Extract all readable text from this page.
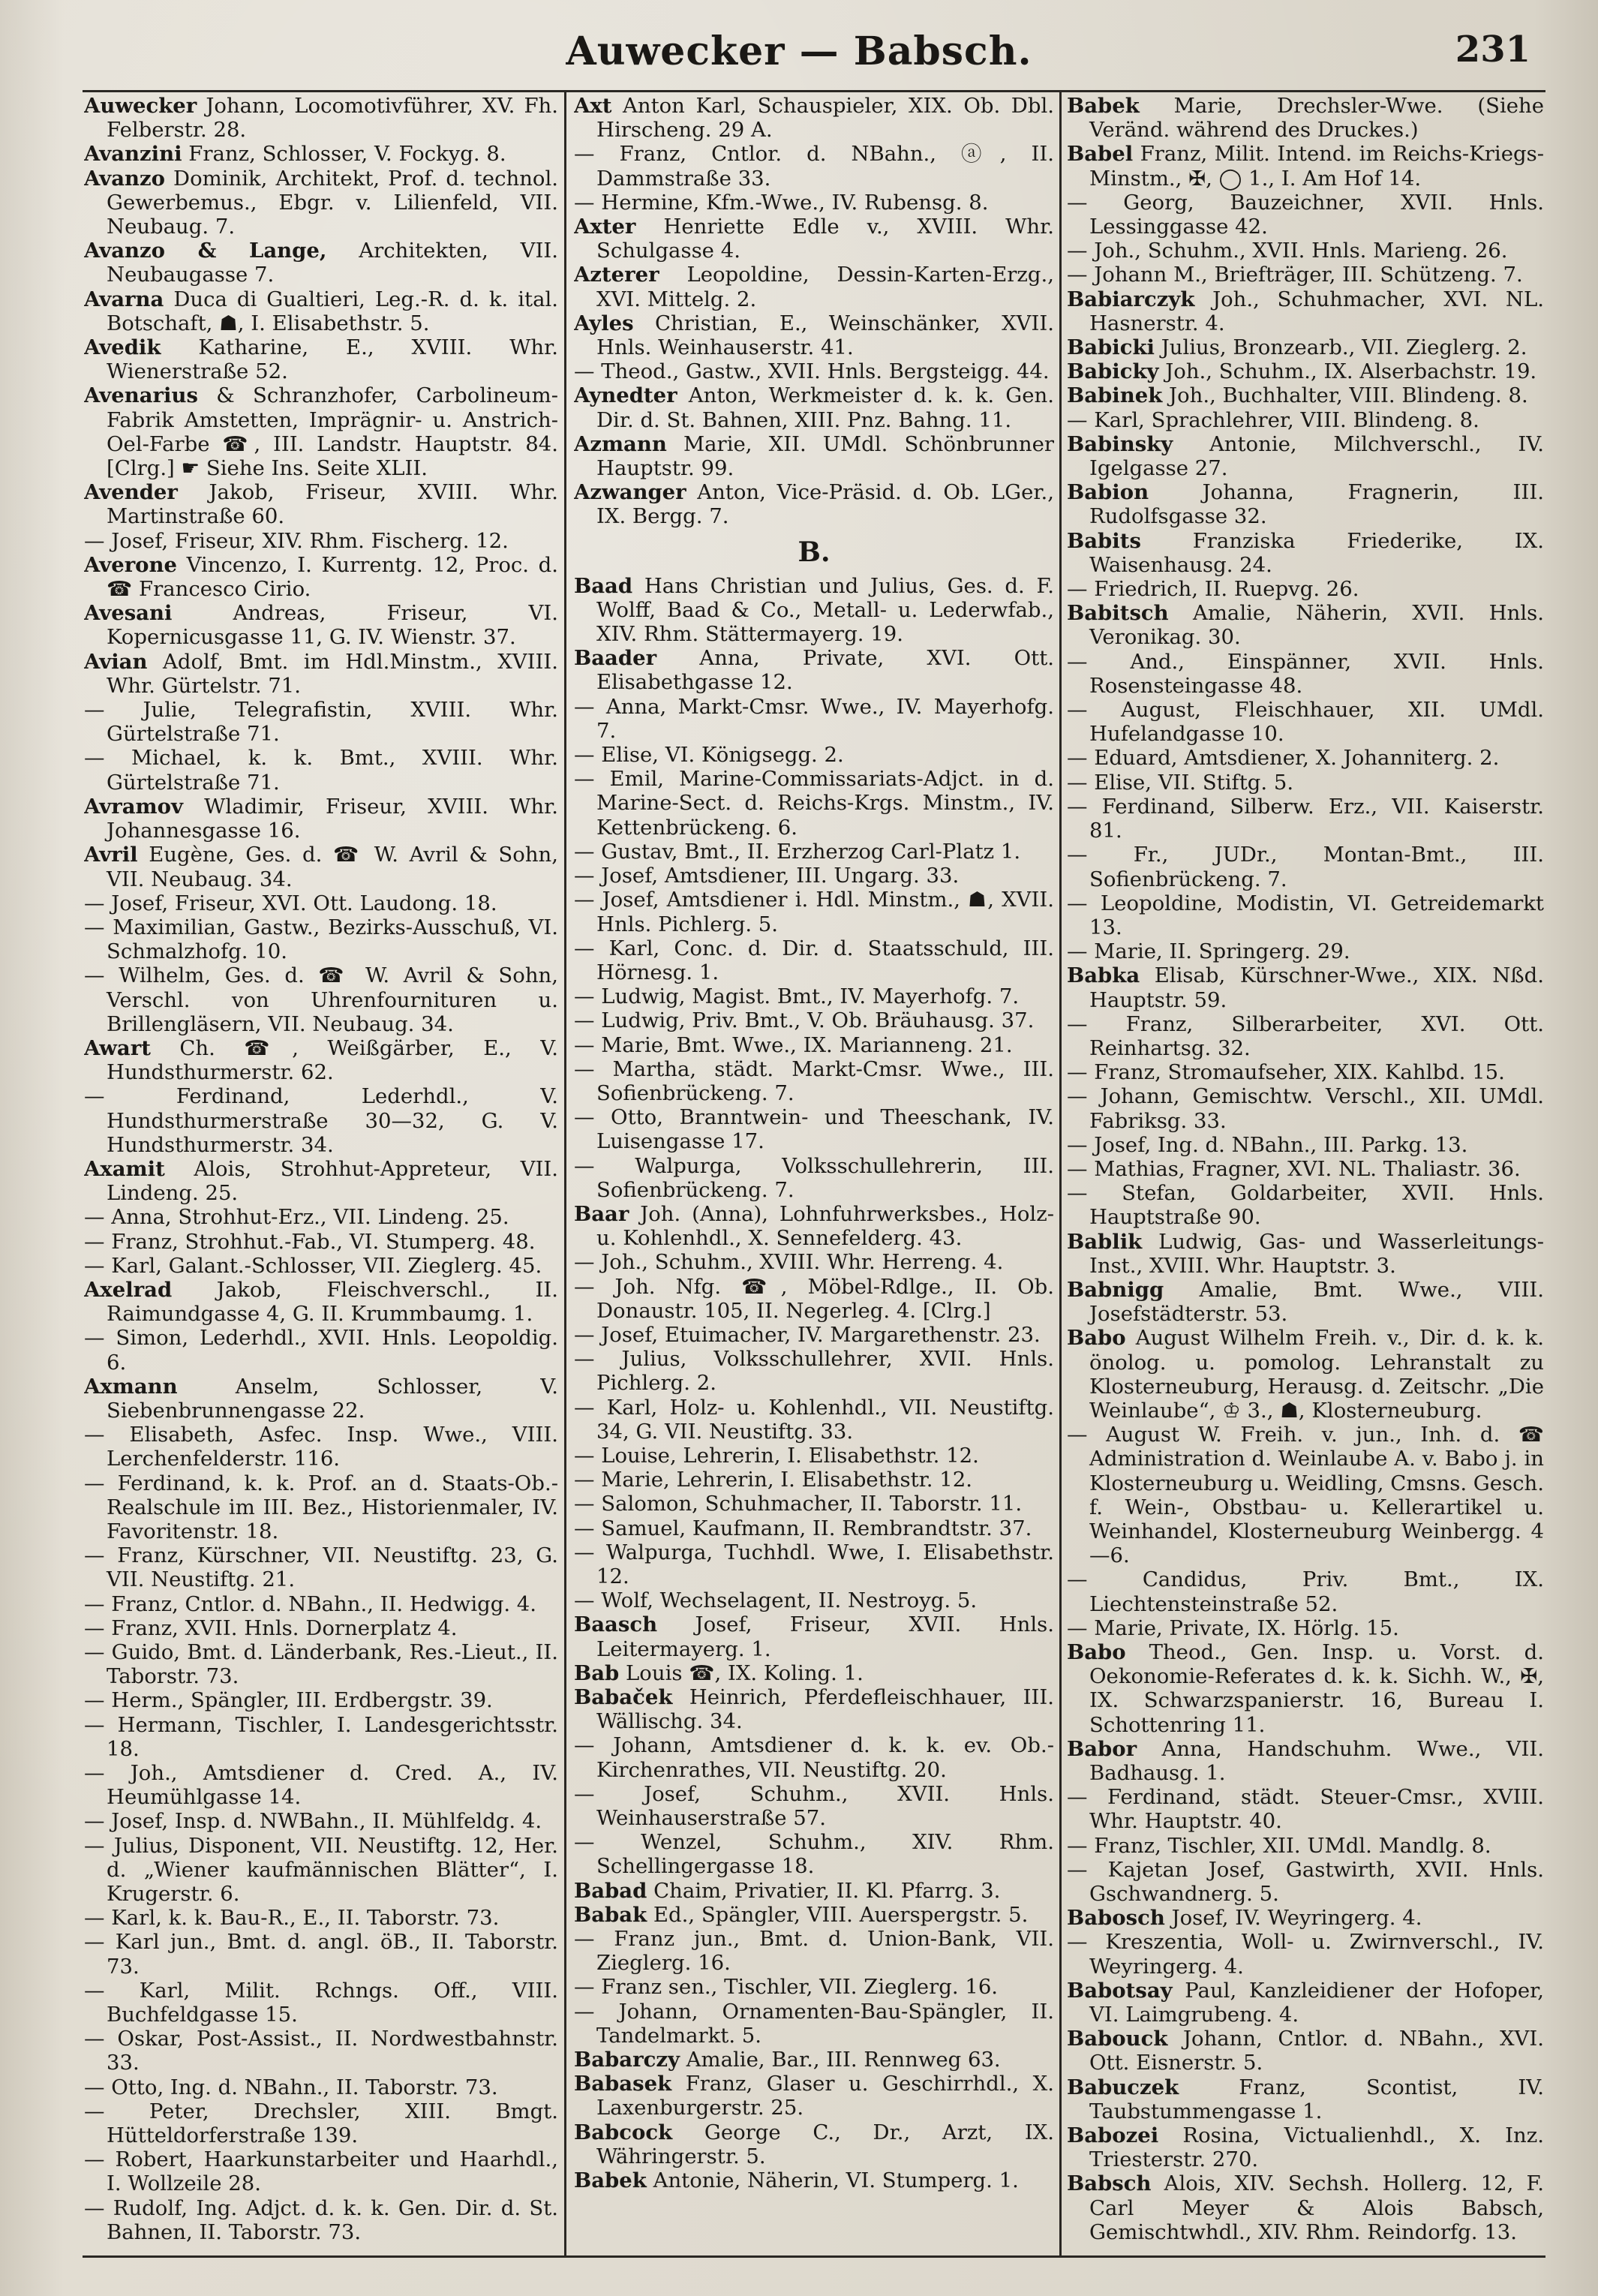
Auwecker — Babsch.	231

Auwecker Johann, Locomotivführer, XV. Fh. Felberstr. 28.

Avanzini Franz, Schlosser, V. Fockyg. 8.

Avanzo Dominik, Architekt, Prof. d. technol. Gewerbemus., Ebgr. v. Lilienfeld, VII. Neubaug. 7.

Avanzo & Lange, Architekten, VII. Neubaugasse 7.

Avarna Duca di Gualtieri, Leg.-R. d. k. ital. Botschaft, ☗, I. Elisabethstr. 5.

Avedik Katharine, E., XVIII. Whr. Wienerstraße 52.

Avenarius & Schranzhofer, Carbolineum-Fabrik Amstetten, Imprägnir- u. Anstrich-Oel-Farbe ☎, III. Landstr. Hauptstr. 84. [Clrg.] ☛ Siehe Ins. Seite XLII.

Avender Jakob, Friseur, XVIII. Whr. Martinstraße 60.

— Josef, Friseur, XIV. Rhm. Fischerg. 12.

Averone Vincenzo, I. Kurrentg. 12, Proc. d. ☎ Francesco Cirio.

Avesani Andreas, Friseur, VI. Kopernicusgasse 11, G. IV. Wienstr. 37.

Avian Adolf, Bmt. im Hdl.Minstm., XVIII. Whr. Gürtelstr. 71.

— Julie, Telegrafistin, XVIII. Whr. Gürtelstraße 71.

— Michael, k. k. Bmt., XVIII. Whr. Gürtelstraße 71.

Avramov Wladimir, Friseur, XVIII. Whr. Johannesgasse 16.

Avril Eugène, Ges. d. ☎ W. Avril & Sohn, VII. Neubaug. 34.

— Josef, Friseur, XVI. Ott. Laudong. 18.

— Maximilian, Gastw., Bezirks-Ausschuß, VI. Schmalzhofg. 10.

— Wilhelm, Ges. d. ☎ W. Avril & Sohn, Verschl. von Uhrenfournituren u. Brillengläsern, VII. Neubaug. 34.

Awart Ch. ☎, Weißgärber, E., V. Hundsthurmerstr. 62.

— Ferdinand, Lederhdl., V. Hundsthurmerstraße 30—32, G. V. Hundsthurmerstr. 34.

Axamit Alois, Strohhut-Appreteur, VII. Lindeng. 25.

— Anna, Strohhut-Erz., VII. Lindeng. 25.

— Franz, Strohhut.-Fab., VI. Stumperg. 48.

— Karl, Galant.-Schlosser, VII. Zieglerg. 45.

Axelrad Jakob, Fleischverschl., II. Raimundgasse 4, G. II. Krummbaumg. 1.

— Simon, Lederhdl., XVII. Hnls. Leopoldig. 6.

Axmann Anselm, Schlosser, V. Siebenbrunnengasse 22.

— Elisabeth, Asfec. Insp. Wwe., VIII. Lerchenfelderstr. 116.

— Ferdinand, k. k. Prof. an d. Staats-Ob.-Realschule im III. Bez., Historienmaler, IV. Favoritenstr. 18.

— Franz, Kürschner, VII. Neustiftg. 23, G. VII. Neustiftg. 21.

— Franz, Cntlor. d. NBahn., II. Hedwigg. 4.

— Franz, XVII. Hnls. Dornerplatz 4.

— Guido, Bmt. d. Länderbank, Res.-Lieut., II. Taborstr. 73.

— Herm., Spängler, III. Erdbergstr. 39.

— Hermann, Tischler, I. Landesgerichtsstr. 18.

— Joh., Amtsdiener d. Cred. A., IV. Heumühlgasse 14.

— Josef, Insp. d. NWBahn., II. Mühlfeldg. 4.

— Julius, Disponent, VII. Neustiftg. 12, Her. d. „Wiener kaufmännischen Blätter“, I. Krugerstr. 6.

— Karl, k. k. Bau-R., E., II. Taborstr. 73.

— Karl jun., Bmt. d. angl. öB., II. Taborstr. 73.

— Karl, Milit. Rchngs. Off., VIII. Buchfeldgasse 15.

— Oskar, Post-Assist., II. Nordwestbahnstr. 33.

— Otto, Ing. d. NBahn., II. Taborstr. 73.

— Peter, Drechsler, XIII. Bmgt. Hütteldorferstraße 139.

— Robert, Haarkunstarbeiter und Haarhdl., I. Wollzeile 28.

— Rudolf, Ing. Adjct. d. k. k. Gen. Dir. d. St. Bahnen, II. Taborstr. 73.

Axt Anton Karl, Schauspieler, XIX. Ob. Dbl. Hirscheng. 29 A.

— Franz, Cntlor. d. NBahn., ⓐ, II. Dammstraße 33.

— Hermine, Kfm.-Wwe., IV. Rubensg. 8.

Axter Henriette Edle v., XVIII. Whr. Schulgasse 4.

Azterer Leopoldine, Dessin-Karten-Erzg., XVI. Mittelg. 2.

Ayles Christian, E., Weinschänker, XVII. Hnls. Weinhauserstr. 41.

— Theod., Gastw., XVII. Hnls. Bergsteigg. 44.

Aynedter Anton, Werkmeister d. k. k. Gen. Dir. d. St. Bahnen, XIII. Pnz. Bahng. 11.

Azmann Marie, XII. UMdl. Schönbrunner Hauptstr. 99.

Azwanger Anton, Vice-Präsid. d. Ob. LGer., IX. Bergg. 7.

B.

Baad Hans Christian und Julius, Ges. d. F. Wolff, Baad & Co., Metall- u. Lederwfab., XIV. Rhm. Stättermayerg. 19.

Baader Anna, Private, XVI. Ott. Elisabethgasse 12.

— Anna, Markt-Cmsr. Wwe., IV. Mayerhofg. 7.

— Elise, VI. Königsegg. 2.

— Emil, Marine-Commissariats-Adjct. in d. Marine-Sect. d. Reichs-Krgs. Minstm., IV. Kettenbrückeng. 6.

— Gustav, Bmt., II. Erzherzog Carl-Platz 1.

— Josef, Amtsdiener, III. Ungarg. 33.

— Josef, Amtsdiener i. Hdl. Minstm., ☗, XVII. Hnls. Pichlerg. 5.

— Karl, Conc. d. Dir. d. Staatsschuld, III. Hörnesg. 1.

— Ludwig, Magist. Bmt., IV. Mayerhofg. 7.

— Ludwig, Priv. Bmt., V. Ob. Bräuhausg. 37.

— Marie, Bmt. Wwe., IX. Marianneng. 21.

— Martha, städt. Markt-Cmsr. Wwe., III. Sofienbrückeng. 7.

— Otto, Branntwein- und Theeschank, IV. Luisengasse 17.

— Walpurga, Volksschullehrerin, III. Sofienbrückeng. 7.

Baar Joh. (Anna), Lohnfuhrwerksbes., Holz- u. Kohlenhdl., X. Sennefelderg. 43.

— Joh., Schuhm., XVIII. Whr. Herreng. 4.

— Joh. Nfg. ☎, Möbel-Rdlge., II. Ob. Donaustr. 105, II. Negerleg. 4. [Clrg.]

— Josef, Etuimacher, IV. Margarethenstr. 23.

— Julius, Volksschullehrer, XVII. Hnls. Pichlerg. 2.

— Karl, Holz- u. Kohlenhdl., VII. Neustiftg. 34, G. VII. Neustiftg. 33.

— Louise, Lehrerin, I. Elisabethstr. 12.

— Marie, Lehrerin, I. Elisabethstr. 12.

— Salomon, Schuhmacher, II. Taborstr. 11.

— Samuel, Kaufmann, II. Rembrandtstr. 37.

— Walpurga, Tuchhdl. Wwe, I. Elisabethstr. 12.

— Wolf, Wechselagent, II. Nestroyg. 5.

Baasch Josef, Friseur, XVII. Hnls. Leitermayerg. 1.

Bab Louis ☎, IX. Koling. 1.

Babaček Heinrich, Pferdefleischhauer, III. Wällischg. 34.

— Johann, Amtsdiener d. k. k. ev. Ob.-Kirchenrathes, VII. Neustiftg. 20.

— Josef, Schuhm., XVII. Hnls. Weinhauserstraße 57.

— Wenzel, Schuhm., XIV. Rhm. Schellingergasse 18.

Babad Chaim, Privatier, II. Kl. Pfarrg. 3.

Babak Ed., Spängler, VIII. Auerspergstr. 5.

— Franz jun., Bmt. d. Union-Bank, VII. Zieglerg. 16.

— Franz sen., Tischler, VII. Zieglerg. 16.

— Johann, Ornamenten-Bau-Spängler, II. Tandelmarkt. 5.

Babarczy Amalie, Bar., III. Rennweg 63.

Babasek Franz, Glaser u. Geschirrhdl., X. Laxenburgerstr. 25.

Babcock George C., Dr., Arzt, IX. Währingerstr. 5.

Babek Antonie, Näherin, VI. Stumperg. 1.

Babek Marie, Drechsler-Wwe. (Siehe Veränd. während des Druckes.)

Babel Franz, Milit. Intend. im Reichs-Kriegs-Minstm., ✠, ◯ 1., I. Am Hof 14.

— Georg, Bauzeichner, XVII. Hnls. Lessinggasse 42.

— Joh., Schuhm., XVII. Hnls. Marieng. 26.

— Johann M., Briefträger, III. Schützeng. 7.

Babiarczyk Joh., Schuhmacher, XVI. NL. Hasnerstr. 4.

Babicki Julius, Bronzearb., VII. Zieglerg. 2.

Babicky Joh., Schuhm., IX. Alserbachstr. 19.

Babinek Joh., Buchhalter, VIII. Blindeng. 8.

— Karl, Sprachlehrer, VIII. Blindeng. 8.

Babinsky Antonie, Milchverschl., IV. Igelgasse 27.

Babion Johanna, Fragnerin, III. Rudolfsgasse 32.

Babits Franziska Friederike, IX. Waisenhausg. 24.

— Friedrich, II. Ruepvg. 26.

Babitsch Amalie, Näherin, XVII. Hnls. Veronikag. 30.

— And., Einspänner, XVII. Hnls. Rosensteingasse 48.

— August, Fleischhauer, XII. UMdl. Hufelandgasse 10.

— Eduard, Amtsdiener, X. Johanniterg. 2.

— Elise, VII. Stiftg. 5.

— Ferdinand, Silberw. Erz., VII. Kaiserstr. 81.

— Fr., JUDr., Montan-Bmt., III. Sofienbrückeng. 7.

— Leopoldine, Modistin, VI. Getreidemarkt 13.

— Marie, II. Springerg. 29.

Babka Elisab, Kürschner-Wwe., XIX. Nßd. Hauptstr. 59.

— Franz, Silberarbeiter, XVI. Ott. Reinhartsg. 32.

— Franz, Stromaufseher, XIX. Kahlbd. 15.

— Johann, Gemischtw. Verschl., XII. UMdl. Fabriksg. 33.

— Josef, Ing. d. NBahn., III. Parkg. 13.

— Mathias, Fragner, XVI. NL. Thaliastr. 36.

— Stefan, Goldarbeiter, XVII. Hnls. Hauptstraße 90.

Bablik Ludwig, Gas- und Wasserleitungs-Inst., XVIII. Whr. Hauptstr. 3.

Babnigg Amalie, Bmt. Wwe., VIII. Josefstädterstr. 53.

Babo August Wilhelm Freih. v., Dir. d. k. k. önolog. u. pomolog. Lehranstalt zu Klosterneuburg, Herausg. d. Zeitschr. „Die Weinlaube“, ♔ 3., ☗, Klosterneuburg.

— August W. Freih. v. jun., Inh. d. ☎ Administration d. Weinlaube A. v. Babo j. in Klosterneuburg u. Weidling, Cmsns. Gesch. f. Wein-, Obstbau- u. Kellerartikel u. Weinhandel, Klosterneuburg Weinbergg. 4—6.

— Candidus, Priv. Bmt., IX. Liechtensteinstraße 52.

— Marie, Private, IX. Hörlg. 15.

Babo Theod., Gen. Insp. u. Vorst. d. Oekonomie-Referates d. k. k. Sichh. W., ✠, IX. Schwarzspanierstr. 16, Bureau I. Schottenring 11.

Babor Anna, Handschuhm. Wwe., VII. Badhausg. 1.

— Ferdinand, städt. Steuer-Cmsr., XVIII. Whr. Hauptstr. 40.

— Franz, Tischler, XII. UMdl. Mandlg. 8.

— Kajetan Josef, Gastwirth, XVII. Hnls. Gschwandnerg. 5.

Babosch Josef, IV. Weyringerg. 4.

— Kreszentia, Woll- u. Zwirnverschl., IV. Weyringerg. 4.

Babotsay Paul, Kanzleidiener der Hofoper, VI. Laimgrubeng. 4.

Babouck Johann, Cntlor. d. NBahn., XVI. Ott. Eisnerstr. 5.

Babuczek Franz, Scontist, IV. Taubstummengasse 1.

Babozei Rosina, Victualienhdl., X. Inz. Triesterstr. 270.

Babsch Alois, XIV. Sechsh. Hollerg. 12, F. Carl Meyer & Alois Babsch, Gemischtwhdl., XIV. Rhm. Reindorfg. 13.
